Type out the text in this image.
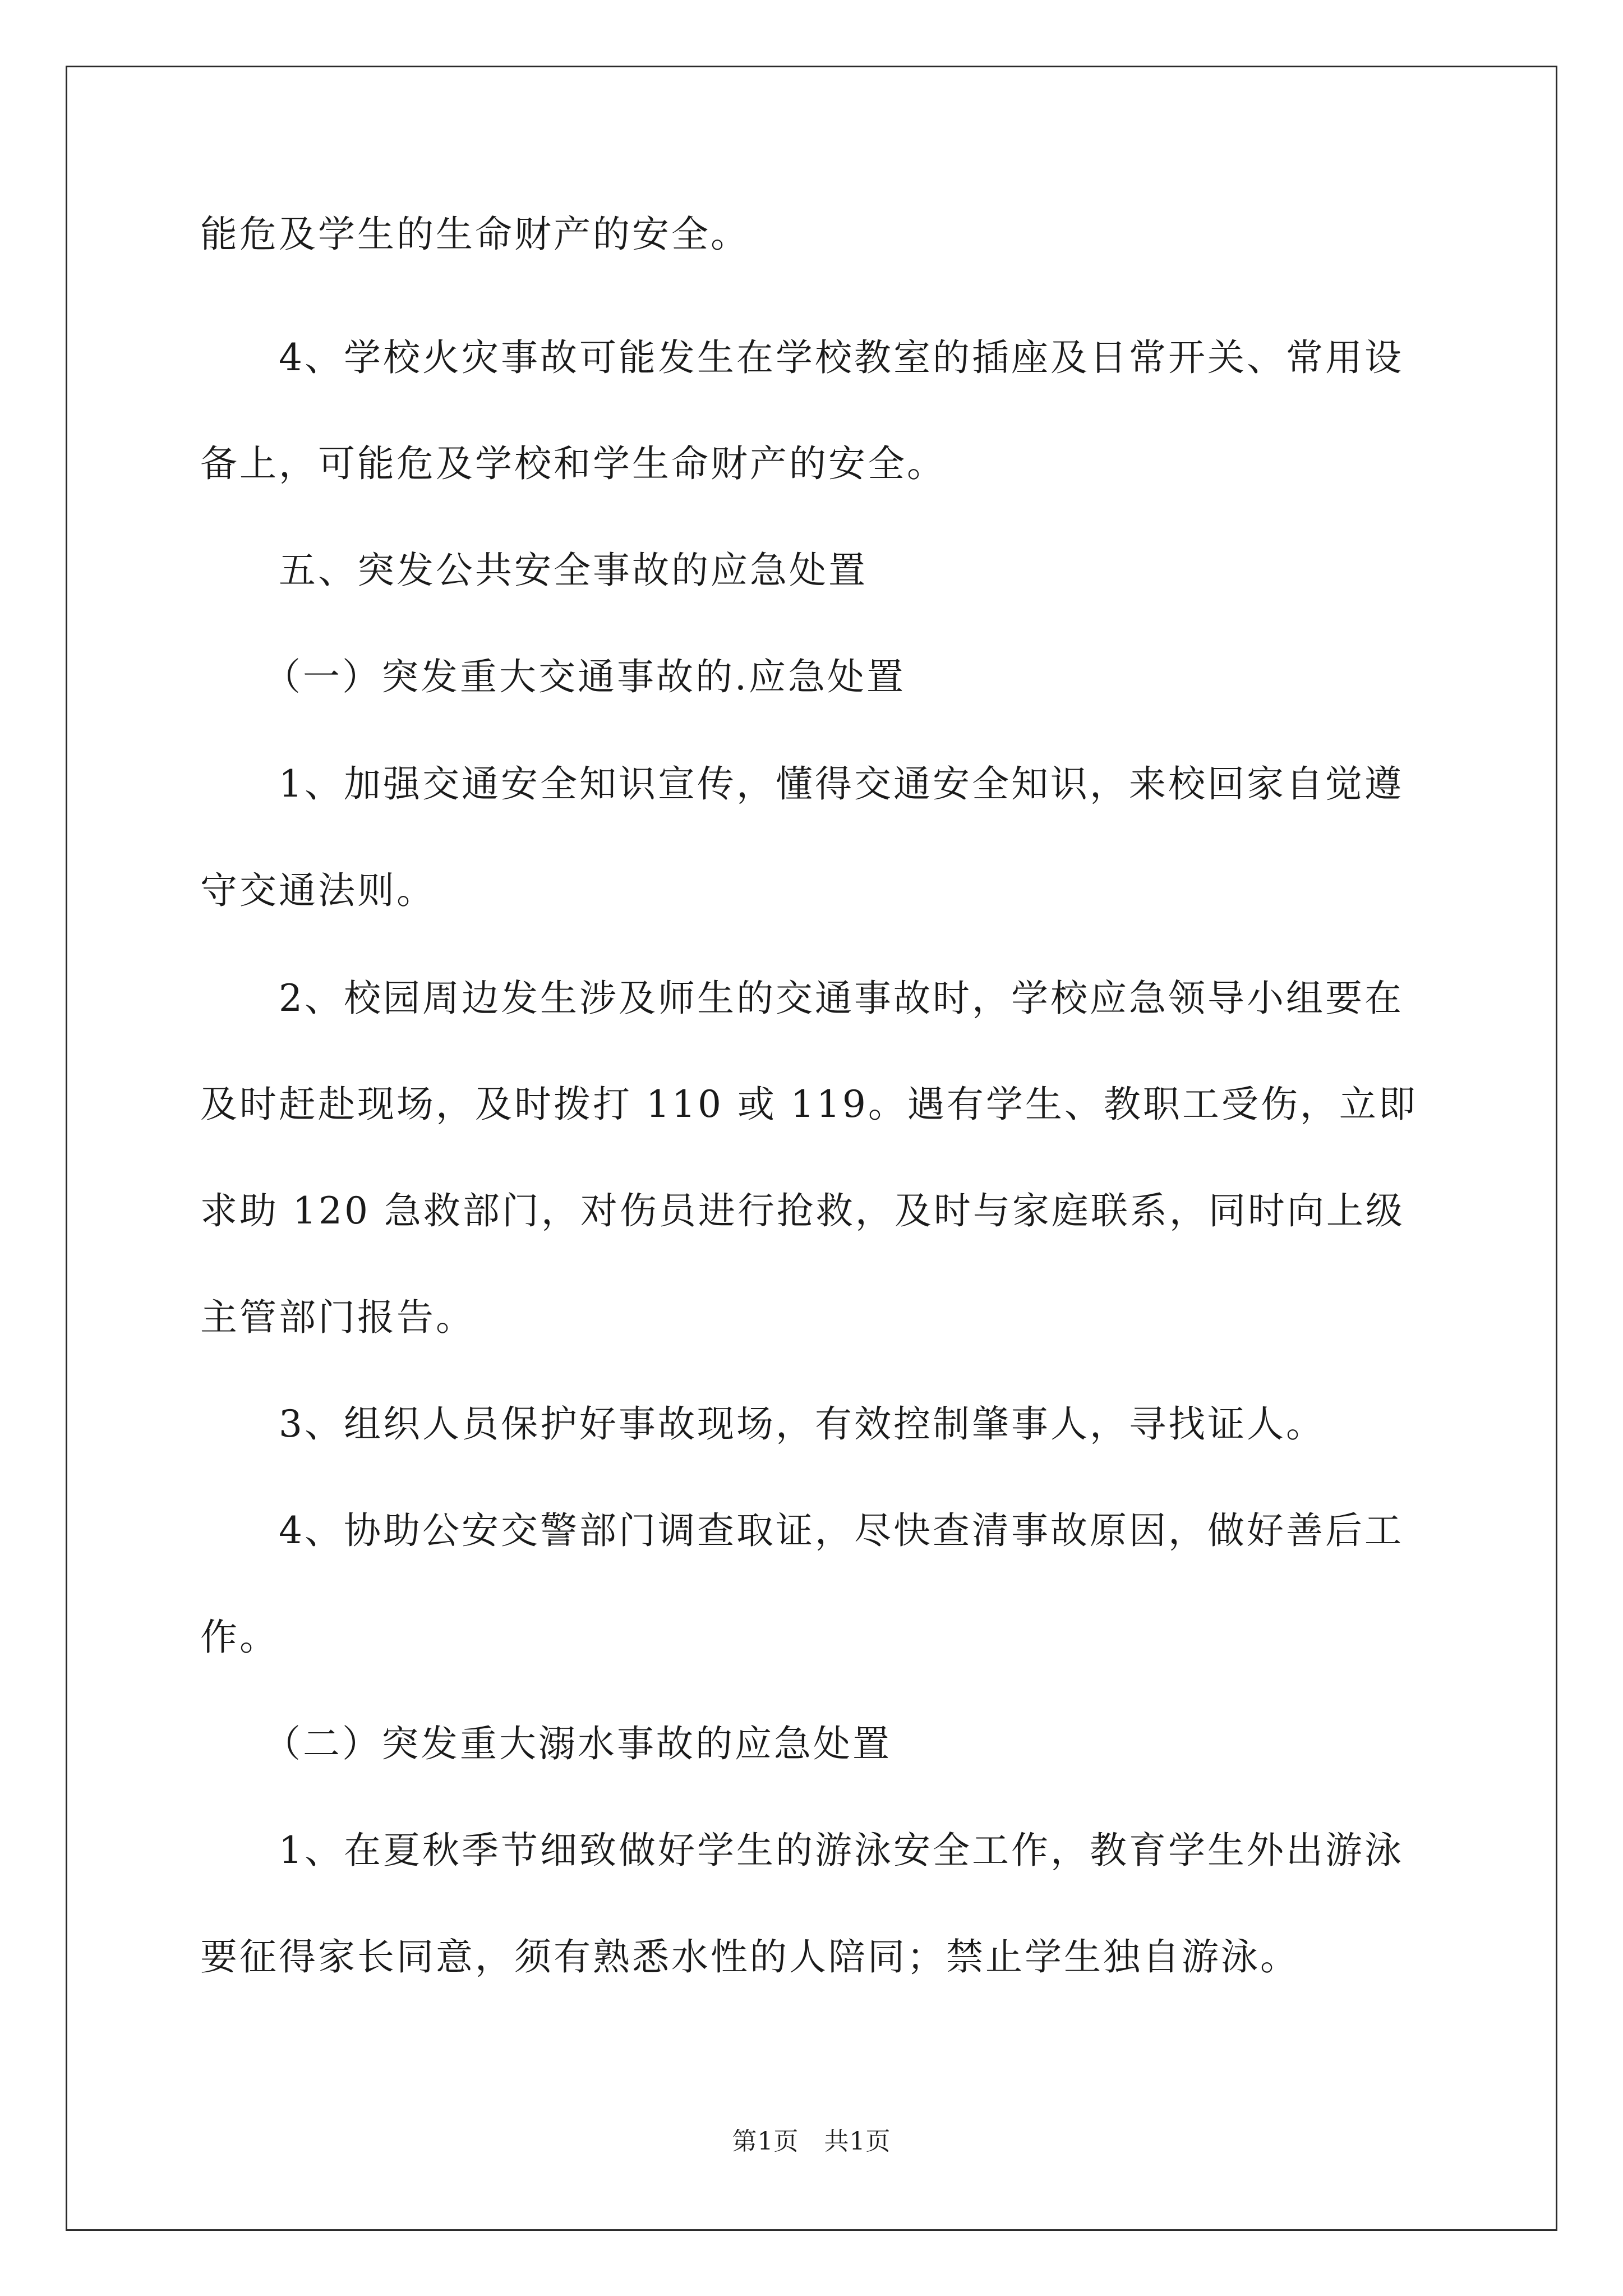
能危及学生的生命财产的安全。

4、学校火灾事故可能发生在学校教室的插座及日常开关、常用设

备上，可能危及学校和学生命财产的安全。

五、突发公共安全事故的应急处置

（一）突发重大交通事故的.应急处置

1、加强交通安全知识宣传，懂得交通安全知识，来校回家自觉遵

守交通法则。

2、校园周边发生涉及师生的交通事故时，学校应急领导小组要在

及时赶赴现场，及时拨打 110 或 119。遇有学生、教职工受伤，立即

求助 120 急救部门，对伤员进行抢救，及时与家庭联系，同时向上级

主管部门报告。

3、组织人员保护好事故现场，有效控制肇事人，寻找证人。

4、协助公安交警部门调查取证，尽快查清事故原因，做好善后工

作。

（二）突发重大溺水事故的应急处置

1、在夏秋季节细致做好学生的游泳安全工作，教育学生外出游泳

要征得家长同意，须有熟悉水性的人陪同；禁止学生独自游泳。

第1页　共1页
